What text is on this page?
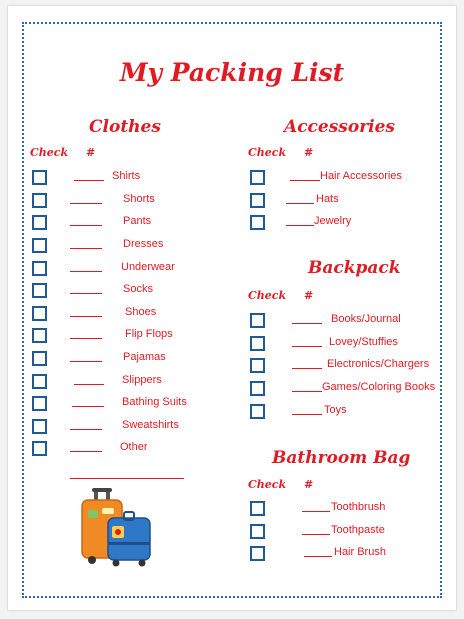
My Packing List
Clothes
Check #
Shirts
Shorts
Pants
Dresses
Underwear
Socks
Shoes
Flip Flops
Pajamas
Slippers
Bathing Suits
Sweatshirts
Other
Accessories
Check #
Hair Accessories
Hats
Jewelry
Backpack
Check #
Books/Journal
Lovey/Stuffies
Electronics/Chargers
Games/Coloring Books
Toys
Bathroom Bag
Check #
Toothbrush
Toothpaste
Hair Brush
